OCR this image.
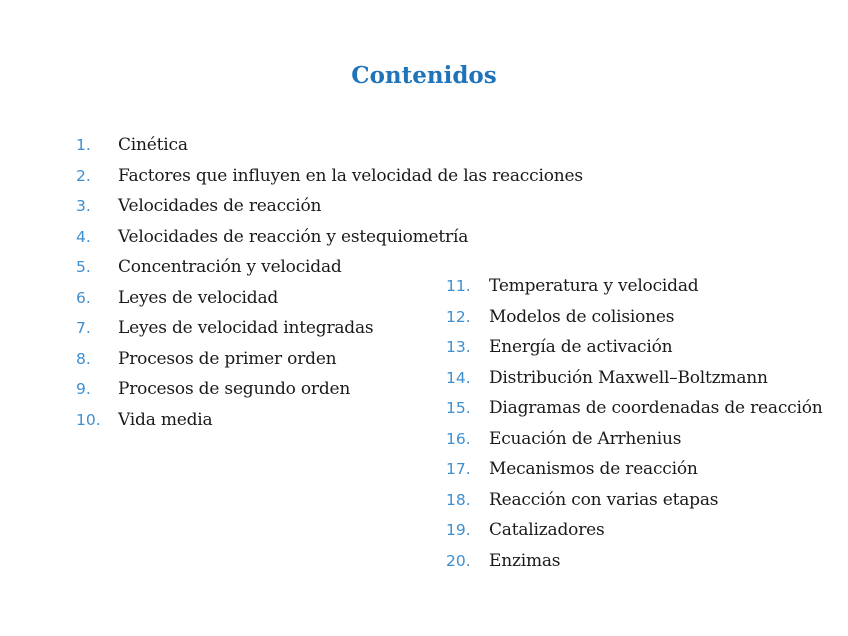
Contenidos
1.	Cinética
2.	Factores que influyen en la velocidad de las reacciones
3.	Velocidades de reacción
4.	Velocidades de reacción y estequiometría
5.	Concentración y velocidad
6.	Leyes de velocidad
7.	Leyes de velocidad integradas
8.	Procesos de primer orden
9.	Procesos de segundo orden
10.	Vida media
11.	Temperatura y velocidad
12.	Modelos de colisiones
13.	Energía de activación
14.	Distribución Maxwell–Boltzmann
15.	Diagramas de coordenadas de reacción
16.	Ecuación de Arrhenius
17.	Mecanismos de reacción
18.	Reacción con varias etapas
19.	Catalizadores
20.	Enzimas
